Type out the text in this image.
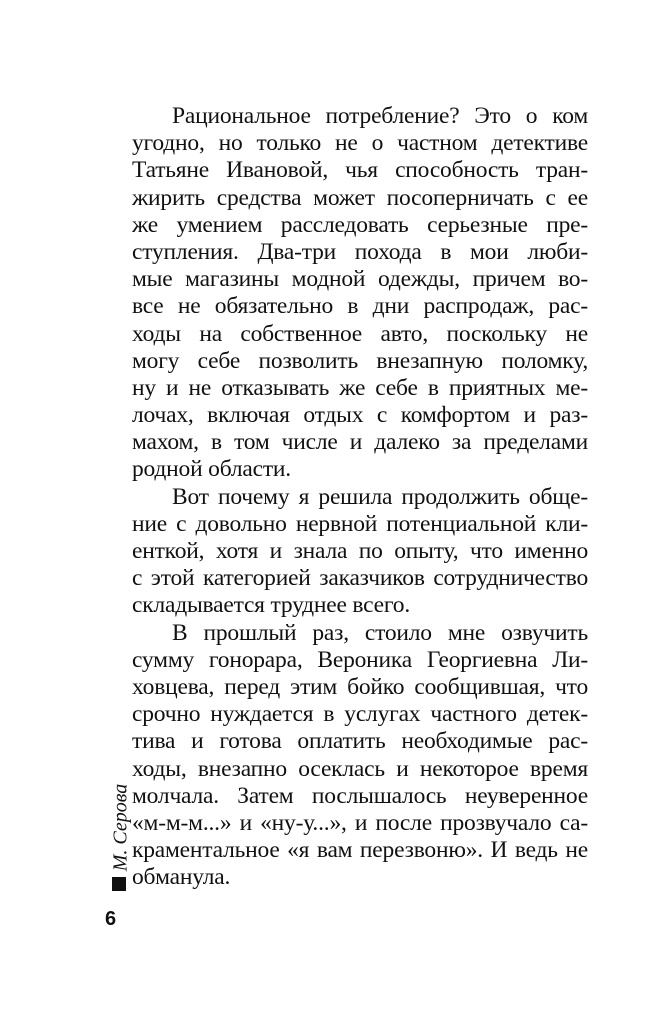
Рациональное потребление? Это о ком
угодно, но только не о частном детективе
Татьяне Ивановой, чья способность тран-
жирить средства может посоперничать с ее
же умением расследовать серьезные пре-
ступления. Два-три похода в мои люби-
мые магазины модной одежды, причем во-
все не обязательно в дни распродаж, рас-
ходы на собственное авто, поскольку не
могу себе позволить внезапную поломку,
ну и не отказывать же себе в приятных ме-
лочах, включая отдых с комфортом и раз-
махом, в том числе и далеко за пределами
родной области.
Вот почему я решила продолжить обще-
ние с довольно нервной потенциальной кли-
енткой, хотя и знала по опыту, что именно
с этой категорией заказчиков сотрудничество
складывается труднее всего.
В прошлый раз, стоило мне озвучить
сумму гонорара, Вероника Георгиевна Ли-
ховцева, перед этим бойко сообщившая, что
срочно нуждается в услугах частного детек-
тива и готова оплатить необходимые рас-
ходы, внезапно осеклась и некоторое время
молчала. Затем послышалось неуверенное
«м-м-м...» и «ну-у...», и после прозвучало са-
краментальное «я вам перезвоню». И ведь не
обманула.
М. Серова
6
